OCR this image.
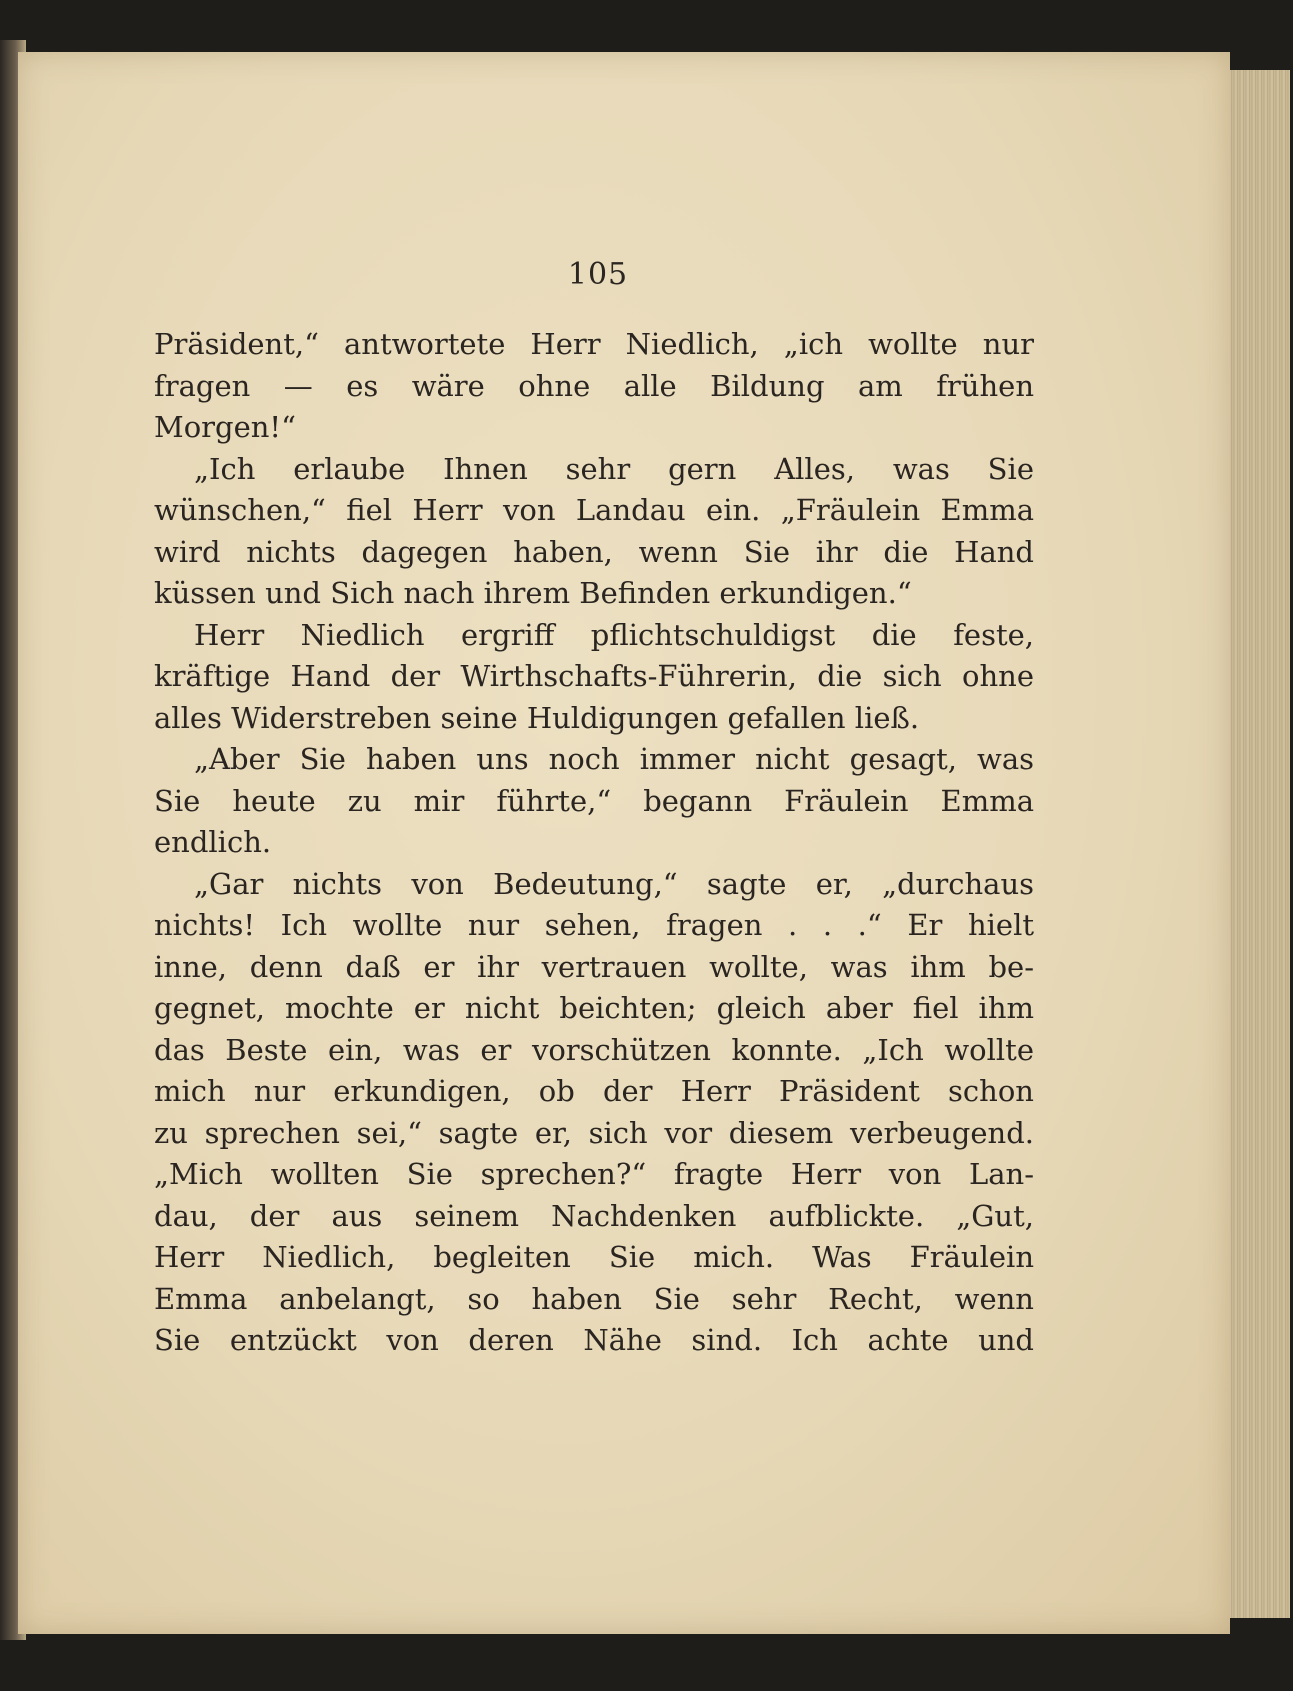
105
Präsident,“ antwortete Herr Niedlich, „ich wollte nur
fragen — es wäre ohne alle Bildung am frühen
Morgen!“
„Ich erlaube Ihnen sehr gern Alles, was Sie
wünschen,“ fiel Herr von Landau ein. „Fräulein Emma
wird nichts dagegen haben, wenn Sie ihr die Hand
küssen und Sich nach ihrem Befinden erkundigen.“
Herr Niedlich ergriff pflichtschuldigst die feste,
kräftige Hand der Wirthschafts-Führerin, die sich ohne
alles Widerstreben seine Huldigungen gefallen ließ.
„Aber Sie haben uns noch immer nicht gesagt, was
Sie heute zu mir führte,“ begann Fräulein Emma
endlich.
„Gar nichts von Bedeutung,“ sagte er, „durchaus
nichts! Ich wollte nur sehen, fragen . . .“ Er hielt
inne, denn daß er ihr vertrauen wollte, was ihm be-
gegnet, mochte er nicht beichten; gleich aber fiel ihm
das Beste ein, was er vorschützen konnte. „Ich wollte
mich nur erkundigen, ob der Herr Präsident schon
zu sprechen sei,“ sagte er, sich vor diesem verbeugend.
„Mich wollten Sie sprechen?“ fragte Herr von Lan-
dau, der aus seinem Nachdenken aufblickte. „Gut,
Herr Niedlich, begleiten Sie mich. Was Fräulein
Emma anbelangt, so haben Sie sehr Recht, wenn
Sie entzückt von deren Nähe sind. Ich achte und
